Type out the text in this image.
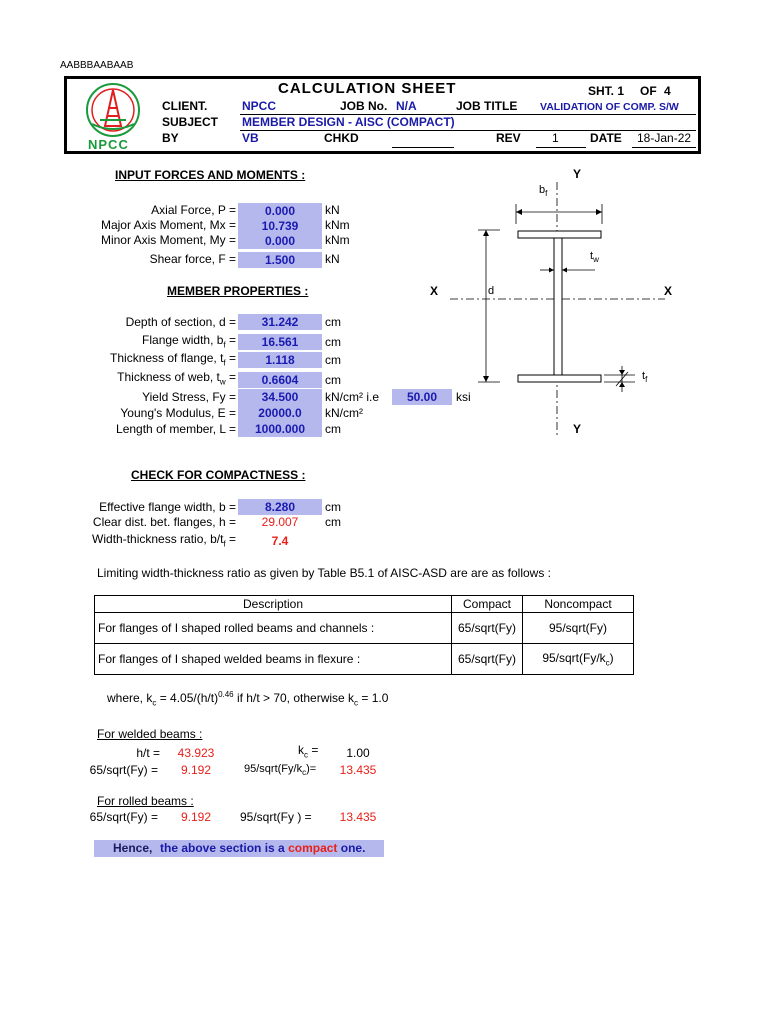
AABBBAABAAB
NPCC
CALCULATION SHEET	SHT. 1 OF 4
CLIENT.	NPCC	JOB No. N/A	JOB TITLE VALIDATION OF COMP. S/W
SUBJECT MEMBER DESIGN - AISC (COMPACT)
BY	VB	CHKD	REV	1	DATE 18-Jan-22
INPUT FORCES AND MOMENTS :
Axial Force, P =	0.000	kN
Major Axis Moment, Mx =	10.739	kNm
Minor Axis Moment, My =	0.000	kNm
Shear force, F =	1.500	kN
MEMBER PROPERTIES :
Depth of section, d =	31.242	cm
Flange width, $b_f$ =	16.561	cm
Thickness of flange, $t_f$ =	1.118	cm
Thickness of web, $t_w$ =	0.6604	cm
Yield Stress, Fy =	34.500	kN/cm² i.e	50.00	ksi
Young's Modulus, E =	20000.0	kN/cm²
Length of member, L =	1000.000	cm
Y
Y
X	X
$b_f$
$t_w$
d
$t_f$
CHECK FOR COMPACTNESS :
Effective flange width, b =	8.280	cm
Clear dist. bet. flanges, h =	29.007	cm
Width-thickness ratio, $b/t_f$ =	7.4
Limiting width-thickness ratio as given by Table B5.1 of AISC-ASD are are as follows :
Description	Compact	Noncompact
For flanges of I shaped rolled beams and channels :	65/sqrt(Fy)	95/sqrt(Fy)
For flanges of I shaped welded beams in flexure :	65/sqrt(Fy)	$95/sqrt(Fy/k_c)$
where, $k_c = 4.05/(h/t)^{0.46}$ if h/t > 70, otherwise $k_c = 1.0$
For welded beams :
h/t =	43.923	$k_c$ =	1.00
65/sqrt(Fy) =	9.192	$95/sqrt(Fy/k_c)=$	13.435
For rolled beams :
65/sqrt(Fy) =	9.192	95/sqrt(Fy ) =	13.435
Hence, the above section is a compact one.
